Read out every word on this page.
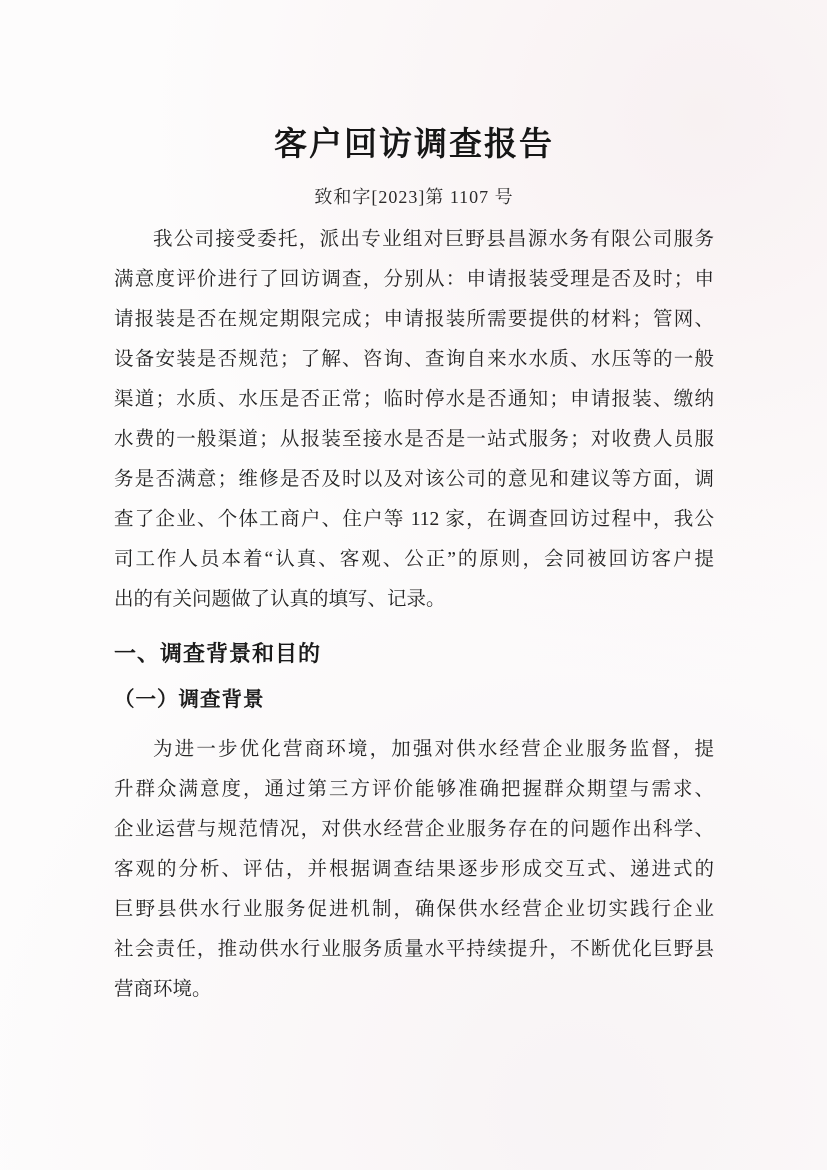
客户回访调查报告
致和字[2023]第 1107 号
我公司接受委托，派出专业组对巨野县昌源水务有限公司服务
满意度评价进行了回访调查，分别从：申请报装受理是否及时；申
请报装是否在规定期限完成；申请报装所需要提供的材料；管网、
设备安装是否规范；了解、咨询、查询自来水水质、水压等的一般
渠道；水质、水压是否正常；临时停水是否通知；申请报装、缴纳
水费的一般渠道；从报装至接水是否是一站式服务；对收费人员服
务是否满意；维修是否及时以及对该公司的意见和建议等方面，调
查了企业、个体工商户、住户等 112 家，在调查回访过程中，我公
司工作人员本着“认真、客观、公正”的原则，会同被回访客户提
出的有关问题做了认真的填写、记录。
一、调查背景和目的
（一）调查背景
为进一步优化营商环境，加强对供水经营企业服务监督，提
升群众满意度，通过第三方评价能够准确把握群众期望与需求、
企业运营与规范情况，对供水经营企业服务存在的问题作出科学、
客观的分析、评估，并根据调查结果逐步形成交互式、递进式的
巨野县供水行业服务促进机制，确保供水经营企业切实践行企业
社会责任，推动供水行业服务质量水平持续提升，不断优化巨野县
营商环境。
